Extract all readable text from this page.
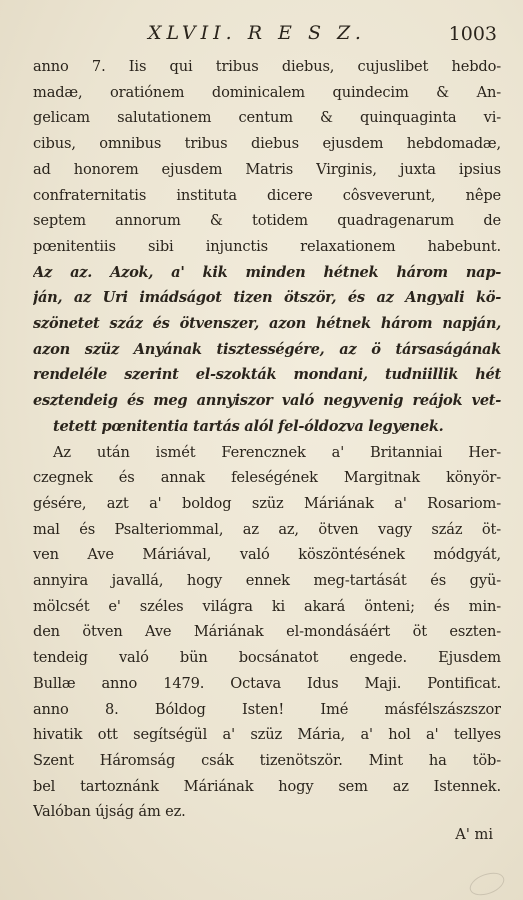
XLVII. R E S Z.	1003
anno 7. Iis qui tribus diebus, cujuslibet hebdo-
madæ, oratiónem dominicalem quindecim & An-
gelicam salutationem centum & quinquaginta vi-
cibus, omnibus tribus diebus ejusdem hebdomadæ,
ad honorem ejusdem Matris Virginis, juxta ipsius
confraternitatis instituta dicere côsveverunt, nêpe
septem annorum & totidem quadragenarum de
pœnitentiis sibi injunctis relaxationem habebunt.
Az az. Azok, a' kik minden hétnek három nap-
ján, az Uri imádságot tizen ötször, és az Angyali kö-
szönetet száz és ötvenszer, azon hétnek három napján,
azon szüz Anyának tisztességére, az ö társaságának
rendeléle szerint el-szokták mondani, tudniillik hét
esztendeig és meg annyiszor való negyvenig reájok vet-
tetett pœnitentia tartás alól fel-óldozva legyenek.
Az után ismét Ferencznek a' Britanniai Her-
czegnek és annak feleségének Margitnak könyör-
gésére, azt a' boldog szüz Máriának a' Rosariom-
mal és Psalteriommal, az az, ötven vagy száz öt-
ven Ave Máriával, való köszöntésének módgyát,
annyira javallá, hogy ennek meg-tartását és gyü-
mölcsét e' széles világra ki akará önteni; és min-
den ötven Ave Máriának el-mondásáért öt eszten-
tendeig való bün bocsánatot engede. Ejusdem
Bullæ anno 1479. Octava Idus Maji. Pontificat.
anno 8. Bóldog Isten! Imé másfélszászszor
hivatik ott segítségül a' szüz Mária, a' hol a' tellyes
Szent Háromság csák tizenötször. Mint ha töb-
bel tartoznánk Máriának hogy sem az Istennek.
Valóban újság ám ez.
A' mi
